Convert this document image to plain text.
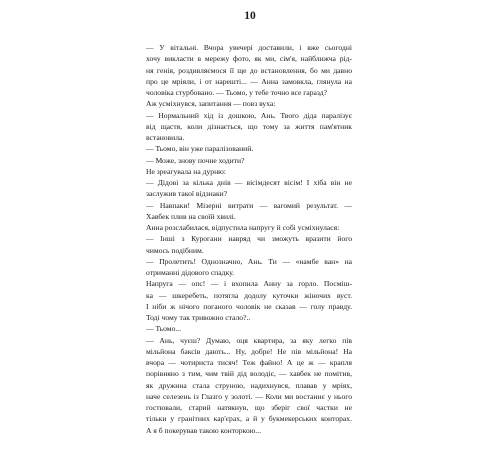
10
— У вітальні. Вчора увечері доставили, і вже сьогодні
хочу викласти в мережу фото, як ми, сім'я, найближча рід-
ня генія, роздивляємося її ще до встановлення, бо ми давно
про це мріяли, і от нарешті... — Анна замовкла, глянула на
чоловіка стурбовано. — Тьомо, у тебе точно все гаразд?
Аж усміхнувся, запитання — повз вуха:
— Нормальний хід із дошкою, Ань. Твого діда паралізує
від щастя, коли дізнається, що тому за життя пам'ятник
встановила.
— Тьомо, він уже паралізований.
— Може, знову почне ходити?
Не зреагувала на дурню:
— Дідові за кілька днів — вісімдесят вісім! І хіба він не
заслужив такої відзнаки?
— Навпаки! Мізерні витрати — вагомий результат. —
Хавбек плив на своїй хвилі.
Анна розслабилася, відпустила напругу й собі усміхнулася:
— Інші з Курогани навряд чи зможуть вразити його
чимось подібним.
— Пролетить! Однозначно, Ань. Ти — «намбе ван» на
отриманні дідового спадку.
Напруга — опс! — і вхопила Анну за горло. Посміш-
ка — шкеребеть, потягла додолу куточки жіночих вуст.
І ніби ж нічого поганого чоловік не сказав — голу правду.
Тоді чому так тривожно стало?..
— Тьомо...
— Ань, чуєш? Думаю, оця квартира, за яку легко пів
мільйона баксів дають... Ну, добре! Не пів мільйона! На
вчора — чотириста тисяч! Теж файно! А це ж — крапля
порівняно з тим, чим твій дід володіє, — хавбек не помітив,
як дружина стала струною, надихнувся, плавав у мріях,
наче селезень із Глазго у золоті. — Коли ми востаннє у нього
гостювали, старий натякнув, що зберіг свої частки не
тільки у гранітних кар'єрах, а й у букмекерських конторах.
А я б покерував такою конторкою...
